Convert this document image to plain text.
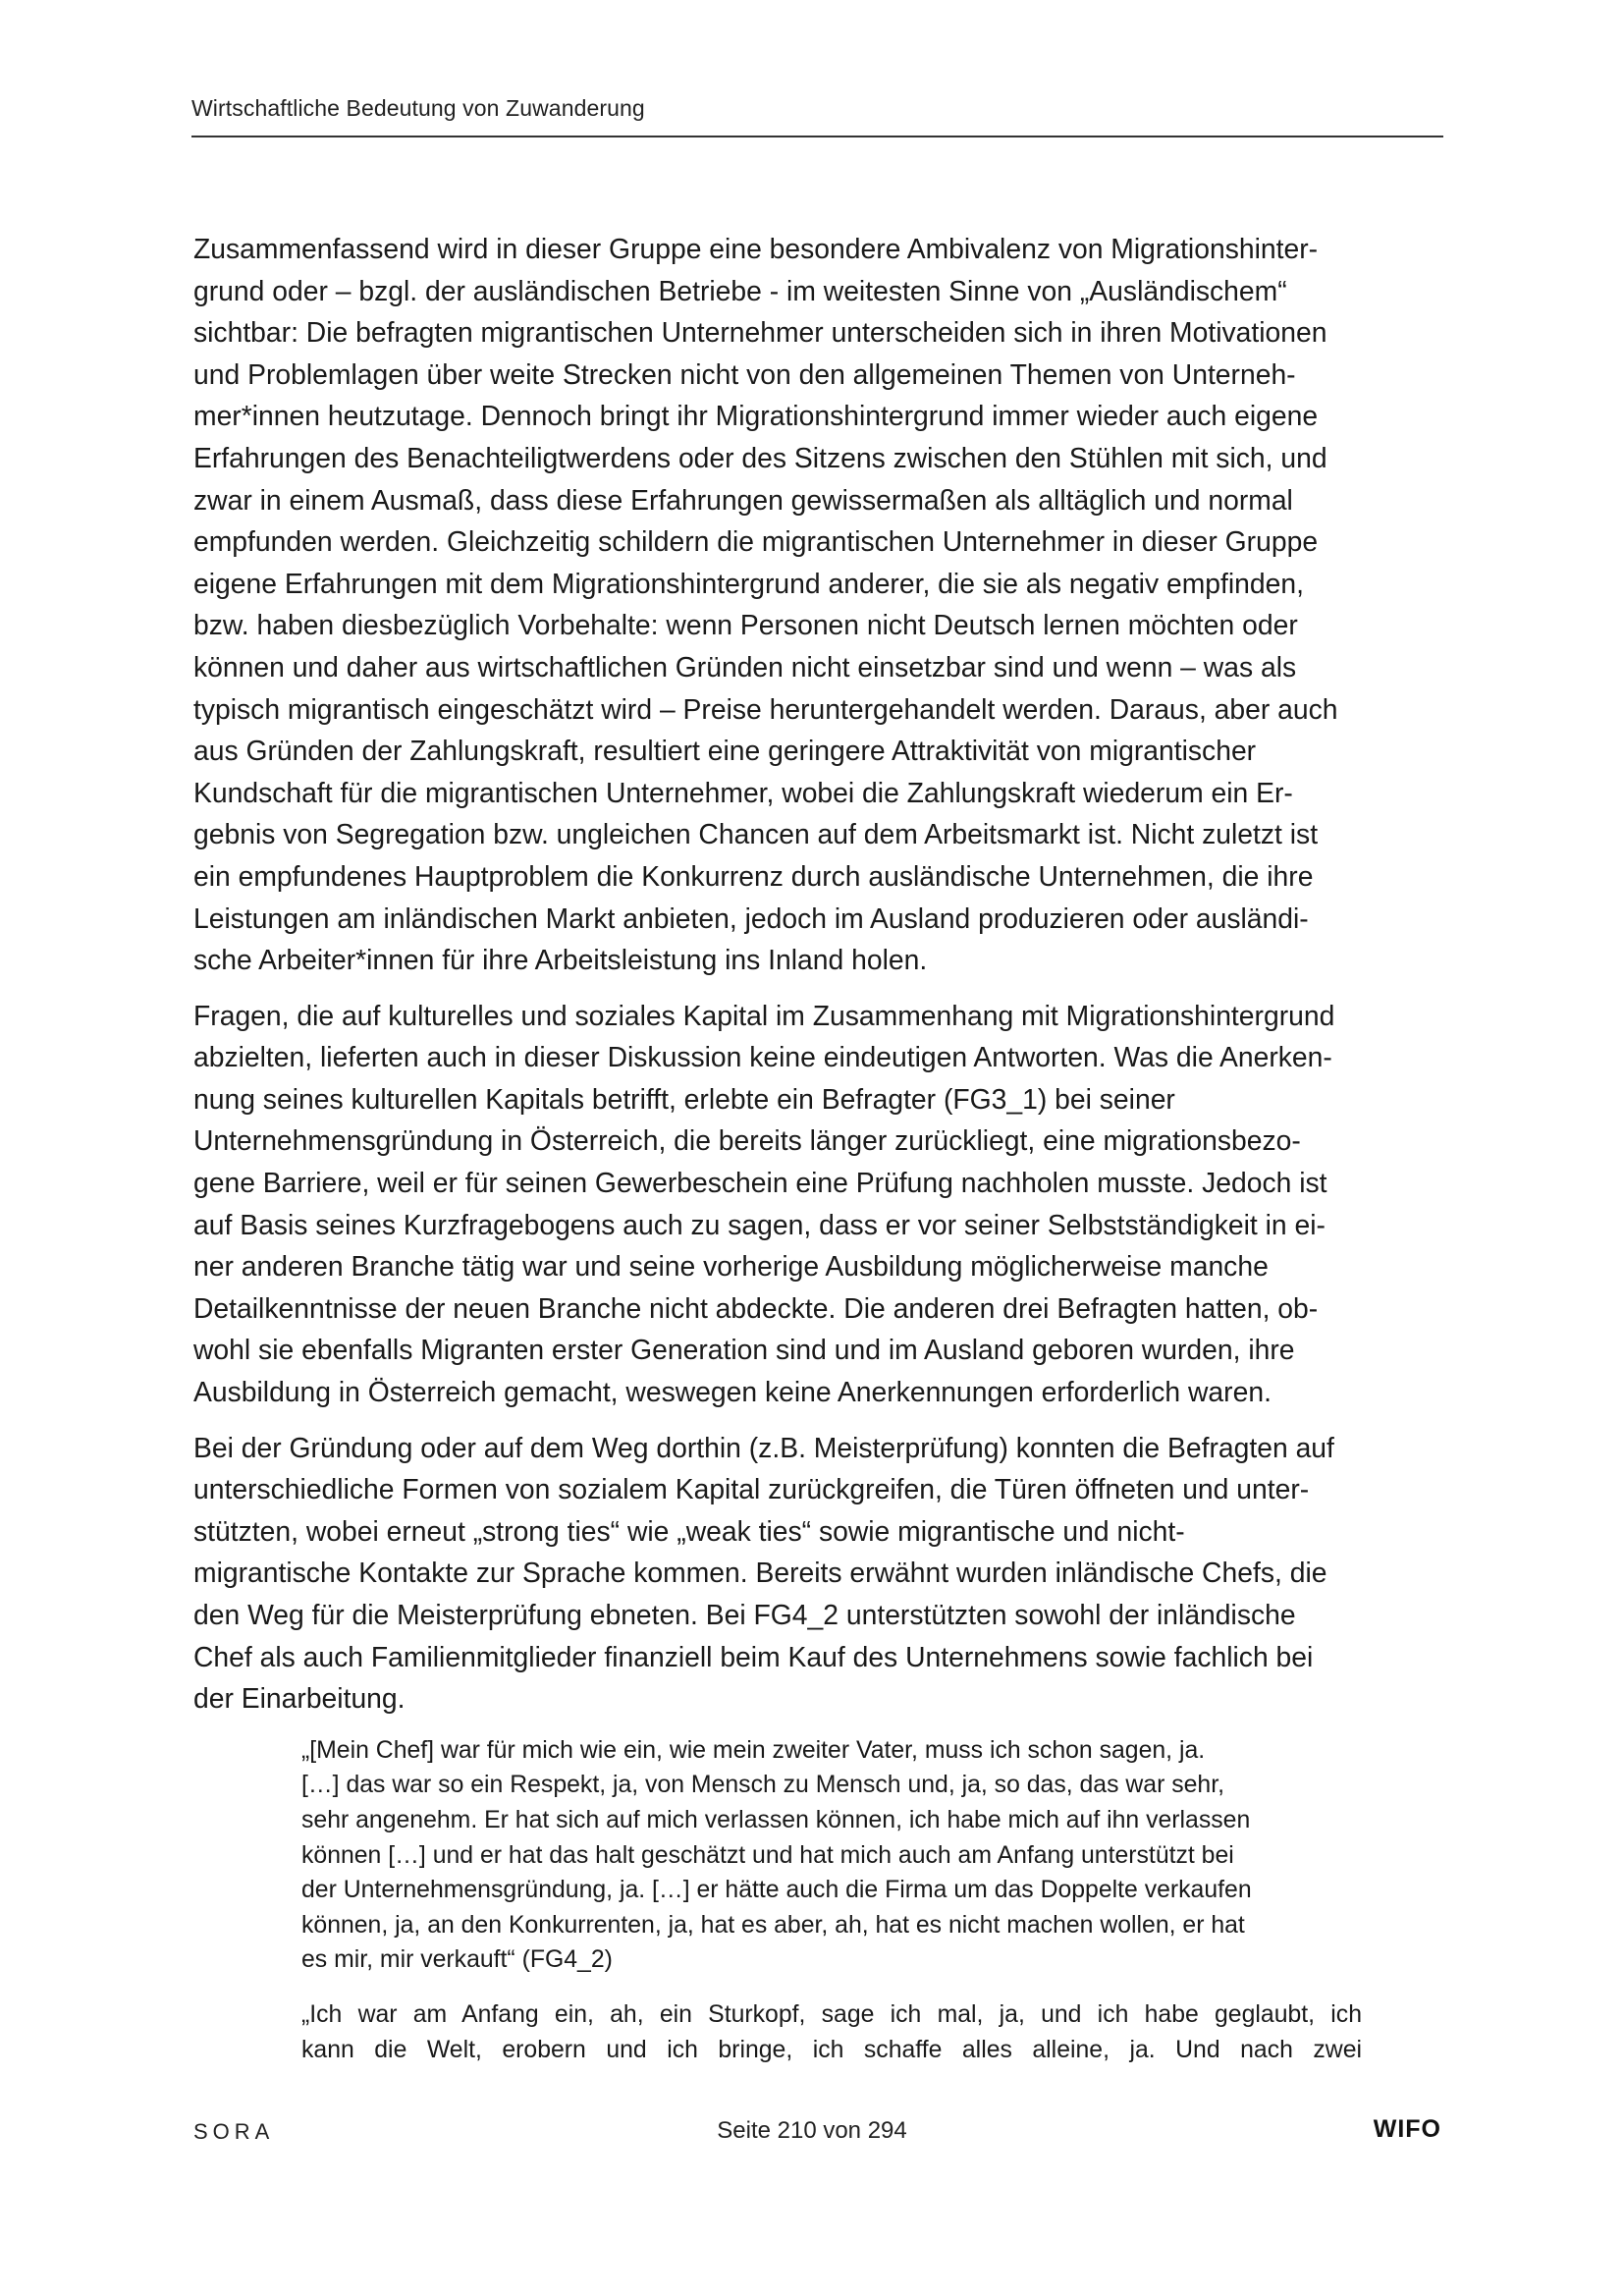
Wirtschaftliche Bedeutung von Zuwanderung

Zusammenfassend wird in dieser Gruppe eine besondere Ambivalenz von Migrationshinter-
grund oder – bzgl. der ausländischen Betriebe - im weitesten Sinne von „Ausländischem“
sichtbar: Die befragten migrantischen Unternehmer unterscheiden sich in ihren Motivationen
und Problemlagen über weite Strecken nicht von den allgemeinen Themen von Unterneh-
mer*innen heutzutage. Dennoch bringt ihr Migrationshintergrund immer wieder auch eigene
Erfahrungen des Benachteiligtwerdens oder des Sitzens zwischen den Stühlen mit sich, und
zwar in einem Ausmaß, dass diese Erfahrungen gewissermaßen als alltäglich und normal
empfunden werden. Gleichzeitig schildern die migrantischen Unternehmer in dieser Gruppe
eigene Erfahrungen mit dem Migrationshintergrund anderer, die sie als negativ empfinden,
bzw. haben diesbezüglich Vorbehalte: wenn Personen nicht Deutsch lernen möchten oder
können und daher aus wirtschaftlichen Gründen nicht einsetzbar sind und wenn – was als
typisch migrantisch eingeschätzt wird – Preise heruntergehandelt werden. Daraus, aber auch
aus Gründen der Zahlungskraft, resultiert eine geringere Attraktivität von migrantischer
Kundschaft für die migrantischen Unternehmer, wobei die Zahlungskraft wiederum ein Er-
gebnis von Segregation bzw. ungleichen Chancen auf dem Arbeitsmarkt ist. Nicht zuletzt ist
ein empfundenes Hauptproblem die Konkurrenz durch ausländische Unternehmen, die ihre
Leistungen am inländischen Markt anbieten, jedoch im Ausland produzieren oder ausländi-
sche Arbeiter*innen für ihre Arbeitsleistung ins Inland holen.

Fragen, die auf kulturelles und soziales Kapital im Zusammenhang mit Migrationshintergrund
abzielten, lieferten auch in dieser Diskussion keine eindeutigen Antworten. Was die Anerken-
nung seines kulturellen Kapitals betrifft, erlebte ein Befragter (FG3_1) bei seiner
Unternehmensgründung in Österreich, die bereits länger zurückliegt, eine migrationsbezo-
gene Barriere, weil er für seinen Gewerbeschein eine Prüfung nachholen musste. Jedoch ist
auf Basis seines Kurzfragebogens auch zu sagen, dass er vor seiner Selbstständigkeit in ei-
ner anderen Branche tätig war und seine vorherige Ausbildung möglicherweise manche
Detailkenntnisse der neuen Branche nicht abdeckte. Die anderen drei Befragten hatten, ob-
wohl sie ebenfalls Migranten erster Generation sind und im Ausland geboren wurden, ihre
Ausbildung in Österreich gemacht, weswegen keine Anerkennungen erforderlich waren.

Bei der Gründung oder auf dem Weg dorthin (z.B. Meisterprüfung) konnten die Befragten auf
unterschiedliche Formen von sozialem Kapital zurückgreifen, die Türen öffneten und unter-
stützten, wobei erneut „strong ties“ wie „weak ties“ sowie migrantische und nicht-
migrantische Kontakte zur Sprache kommen. Bereits erwähnt wurden inländische Chefs, die
den Weg für die Meisterprüfung ebneten. Bei FG4_2 unterstützten sowohl der inländische
Chef als auch Familienmitglieder finanziell beim Kauf des Unternehmens sowie fachlich bei
der Einarbeitung.

„[Mein Chef] war für mich wie ein, wie mein zweiter Vater, muss ich schon sagen, ja.
[…] das war so ein Respekt, ja, von Mensch zu Mensch und, ja, so das, das war sehr,
sehr angenehm. Er hat sich auf mich verlassen können, ich habe mich auf ihn verlassen
können […] und er hat das halt geschätzt und hat mich auch am Anfang unterstützt bei
der Unternehmensgründung, ja. […] er hätte auch die Firma um das Doppelte verkaufen
können, ja, an den Konkurrenten, ja, hat es aber, ah, hat es nicht machen wollen, er hat
es mir, mir verkauft“ (FG4_2)
„Ich war am Anfang ein, ah, ein Sturkopf, sage ich mal, ja, und ich habe geglaubt, ich
kann die Welt, erobern und ich bringe, ich schaffe alles alleine, ja. Und nach zwei
SORA	Seite 210 von 294	WIFO
